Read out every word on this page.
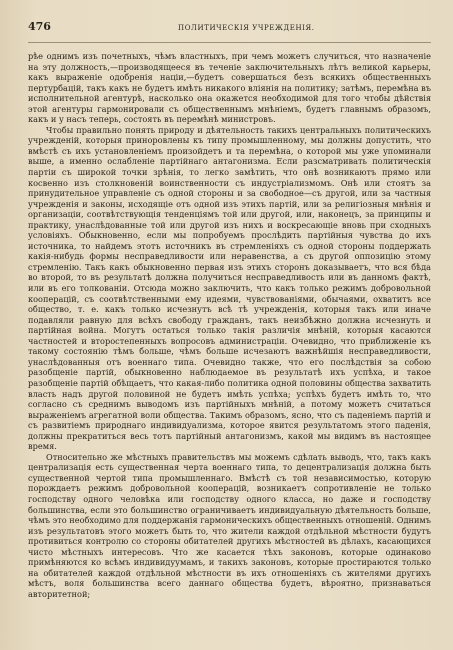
476	ПОЛИТИЧЕСКІЯ УЧРЕЖДЕНІЯ.

рѣе однимъ изъ почетныхъ, чѣмъ властныхъ, при чемъ можетъ случиться, что назначеніе на эту должность,—производящееся въ теченіе заключительныхъ лѣтъ великой карьеры, какъ выраженіе одобренія націи,—будетъ совершаться безъ всякихъ общественныхъ пертурбацій, такъ какъ не будетъ имѣть никакого вліянія на политику; затѣмъ, перемѣна въ исполнительной агентурѣ, насколько она окажется необходимой для того чтобы дѣйствія этой агентуры гармонировали съ общественнымъ мнѣніемъ, будетъ главнымъ образомъ, какъ и у насъ теперь, состоять въ перемѣнѣ министровъ.

Чтобы правильно понять природу и дѣятельность такихъ центральныхъ политическихъ учрежденій, которыя приноровлены къ типу промышленному, мы должны допустить, что вмѣстѣ съ ихъ установленіемъ произойдетъ и та перемѣна, о которой мы уже упоминали выше, а именно ослабленіе партійнаго антагонизма. Если разсматривать политическія партіи съ широкой точки зрѣнія, то легко замѣтить, что онѣ возникаютъ прямо или косвенно изъ столкновеній воинственности съ индустріализмомъ. Онѣ или стоятъ за принудительное управленіе съ одной стороны и за свободное—съ другой, или за частныя учрежденія и законы, исходящіе отъ одной изъ этихъ партій, или за религіозныя мнѣнія и организаціи, соотвѣтствующія тенденціямъ той или другой, или, наконецъ, за принципы и практику, унаслѣдованные той или другой изъ нихъ и воскресающіе вновь при сходныхъ условіяхъ. Обыкновенно, если мы попробуемъ прослѣдить партійныя чувства до ихъ источника, то найдемъ этотъ источникъ въ стремленіяхъ съ одной стороны поддержать какія-нибудь формы несправедливости или неравенства, а съ другой оппозицію этому стремленію. Такъ какъ обыкновенно первая изъ этихъ сторонъ доказываетъ, что вся бѣда во второй, то въ результатѣ должна получиться несправедливость или въ данномъ фактѣ, или въ его толкованіи. Отсюда можно заключить, что какъ только режимъ добровольной кооперацій, съ соотвѣтственными ему идеями, чувствованіями, обычаями, охватитъ все общество, т. е. какъ только исчезнутъ всѣ тѣ учрежденія, которыя такъ или иначе подавляли равную для всѣхъ свободу гражданъ, такъ неизбѣжно должна исчезнуть и партійная война. Могутъ остаться только такія различія мнѣній, которыя касаются частностей и второстепенныхъ вопросовъ администраціи. Очевидно, что приближеніе къ такому состоянію тѣмъ больше, чѣмъ больше исчезаютъ важнѣйшія несправедливости, унаслѣдованныя отъ военнаго типа. Очевидно также, что его послѣдствія за собою разобщеніе партій, обыкновенно наблюдаемое въ результатѣ ихъ успѣха, и такое разобщеніе партій обѣщаетъ, что какая-либо политика одной половины общества захватить власть надъ другой половиной не будетъ имѣть успѣха; успѣхъ будетъ имѣть то, что согласно съ среднимъ выводомъ изъ партійныхъ мнѣній, а потому можетъ считаться выраженіемъ агрегатной воли общества. Такимъ образомъ, ясно, что съ паденіемъ партій и съ развитіемъ природнаго индивидуализма, которое явится результатомъ этого паденія, должны прекратиться весь тотъ партійный антагонизмъ, какой мы видимъ въ настоящее время.

Относительно же мѣстныхъ правительствъ мы можемъ сдѣлать выводъ, что, такъ какъ централизація есть существенная черта военнаго типа, то децентрализація должна быть существенной чертой типа промышленнаго. Вмѣстѣ съ той независимостью, которую порождаетъ режимъ добровольной кооперацій, возникаетъ сопротивленіе не только господству одного человѣка или господству одного класса, но даже и господству большинства, если это большинство ограничиваетъ индивидуальную дѣятельность больше, чѣмъ это необходимо для поддержанія гармоническихъ общественныхъ отношеній. Однимъ изъ результатовъ этого можетъ быть то, что жители каждой отдѣльной мѣстности будутъ противиться контролю со стороны обитателей другихъ мѣстностей въ дѣлахъ, касающихся чисто мѣстныхъ интересовъ. Что же касается тѣхъ законовъ, которые одинаково примѣняются ко всѣмъ индивидуумамъ, и такихъ законовъ, которые простираются только на обитателей каждой отдѣльной мѣстности въ ихъ отношеніяхъ съ жителями другихъ мѣстъ, воля большинства всего даннаго общества будетъ, вѣроятно, признаваться авторитетной;
